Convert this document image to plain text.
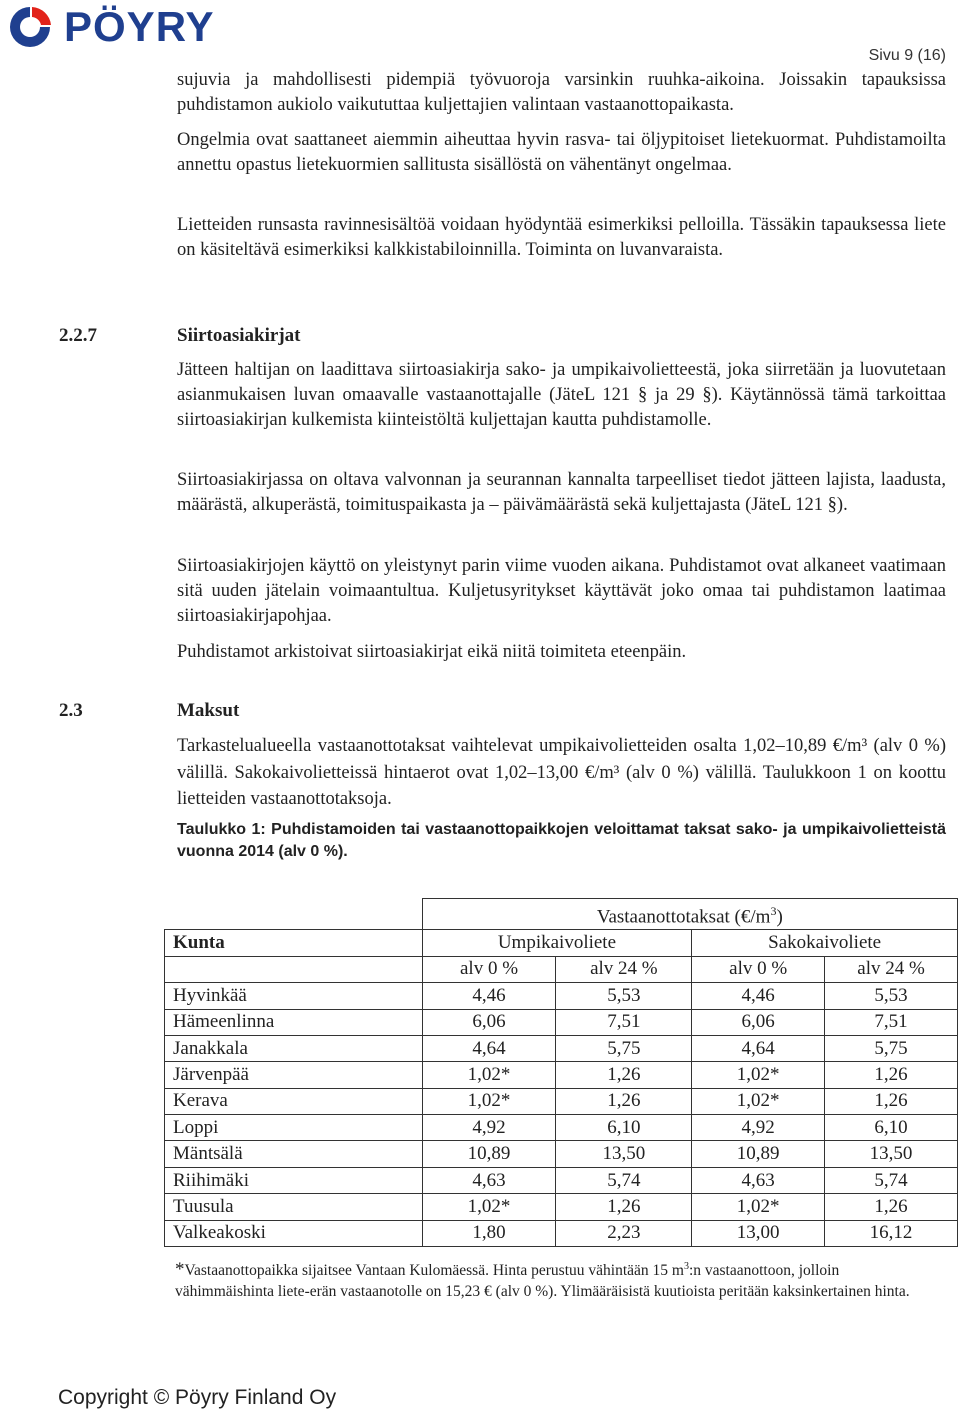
PÖYRY
Sivu 9 (16)

sujuvia ja mahdollisesti pidempiä työvuoroja varsinkin ruuhka-aikoina. Joissakin tapauksissa puhdistamon aukiolo vaikututtaa kuljettajien valintaan vastaanottopaikasta.

Ongelmia ovat saattaneet aiemmin aiheuttaa hyvin rasva- tai öljypitoiset lietekuormat. Puhdistamoilta annettu opastus lietekuormien sallitusta sisällöstä on vähentänyt ongelmaa.

Lietteiden runsasta ravinnesisältöä voidaan hyödyntää esimerkiksi pelloilla. Tässäkin tapauksessa liete on käsiteltävä esimerkiksi kalkkistabiloinnilla. Toiminta on luvanvaraista.

2.2.7	Siirtoasiakirjat

Jätteen haltijan on laadittava siirtoasiakirja sako- ja umpikaivolietteestä, joka siirretään ja luovutetaan asianmukaisen luvan omaavalle vastaanottajalle (JäteL 121 § ja 29 §). Käytännössä tämä tarkoittaa siirtoasiakirjan kulkemista kiinteistöltä kuljettajan kautta puhdistamolle.

Siirtoasiakirjassa on oltava valvonnan ja seurannan kannalta tarpeelliset tiedot jätteen lajista, laadusta, määrästä, alkuperästä, toimituspaikasta ja – päivämäärästä sekä kuljettajasta (JäteL 121 §).

Siirtoasiakirjojen käyttö on yleistynyt parin viime vuoden aikana. Puhdistamot ovat alkaneet vaatimaan sitä uuden jätelain voimaantultua. Kuljetusyritykset käyttävät joko omaa tai puhdistamon laatimaa siirtoasiakirjapohjaa.

Puhdistamot arkistoivat siirtoasiakirjat eikä niitä toimiteta eteenpäin.

2.3	Maksut

Tarkastelualueella vastaanottotaksat vaihtelevat umpikaivolietteiden osalta 1,02–10,89 €/m³ (alv 0 %) välillä. Sakokaivolietteissä hintaerot ovat 1,02–13,00 €/m³ (alv 0 %) välillä. Taulukkoon 1 on koottu lietteiden vastaanottotaksoja.

Taulukko 1: Puhdistamoiden tai vastaanottopaikkojen veloittamat taksat sako- ja umpikaivolietteistä vuonna 2014 (alv 0 %).
	Vastaanottotaksat $(€/m^3)$			
Kunta	Umpikaivoliete		Sakokaivoliete	
	alv 0 %	alv 24 %	alv 0 %	alv 24 %
Hyvinkää	4,46	5,53	4,46	5,53
Hämeenlinna	6,06	7,51	6,06	7,51
Janakkala	4,64	5,75	4,64	5,75
Järvenpää	1,02*	1,26	1,02*	1,26
Kerava	1,02*	1,26	1,02*	1,26
Loppi	4,92	6,10	4,92	6,10
Mäntsälä	10,89	13,50	10,89	13,50
Riihimäki	4,63	5,74	4,63	5,74
Tuusula	1,02*	1,26	1,02*	1,26
Valkeakoski	1,80	2,23	13,00	16,12
*Vastaanottopaikka sijaitsee Vantaan Kulomäessä. Hinta perustuu vähintään 15 $m^3:n$ vastaanottoon, jolloin vähimmäishinta liete-erän vastaanotolle on 15,23 € (alv 0 %). Ylimääräisistä kuutioista peritään kaksinkertainen hinta.
Copyright © Pöyry Finland Oy
